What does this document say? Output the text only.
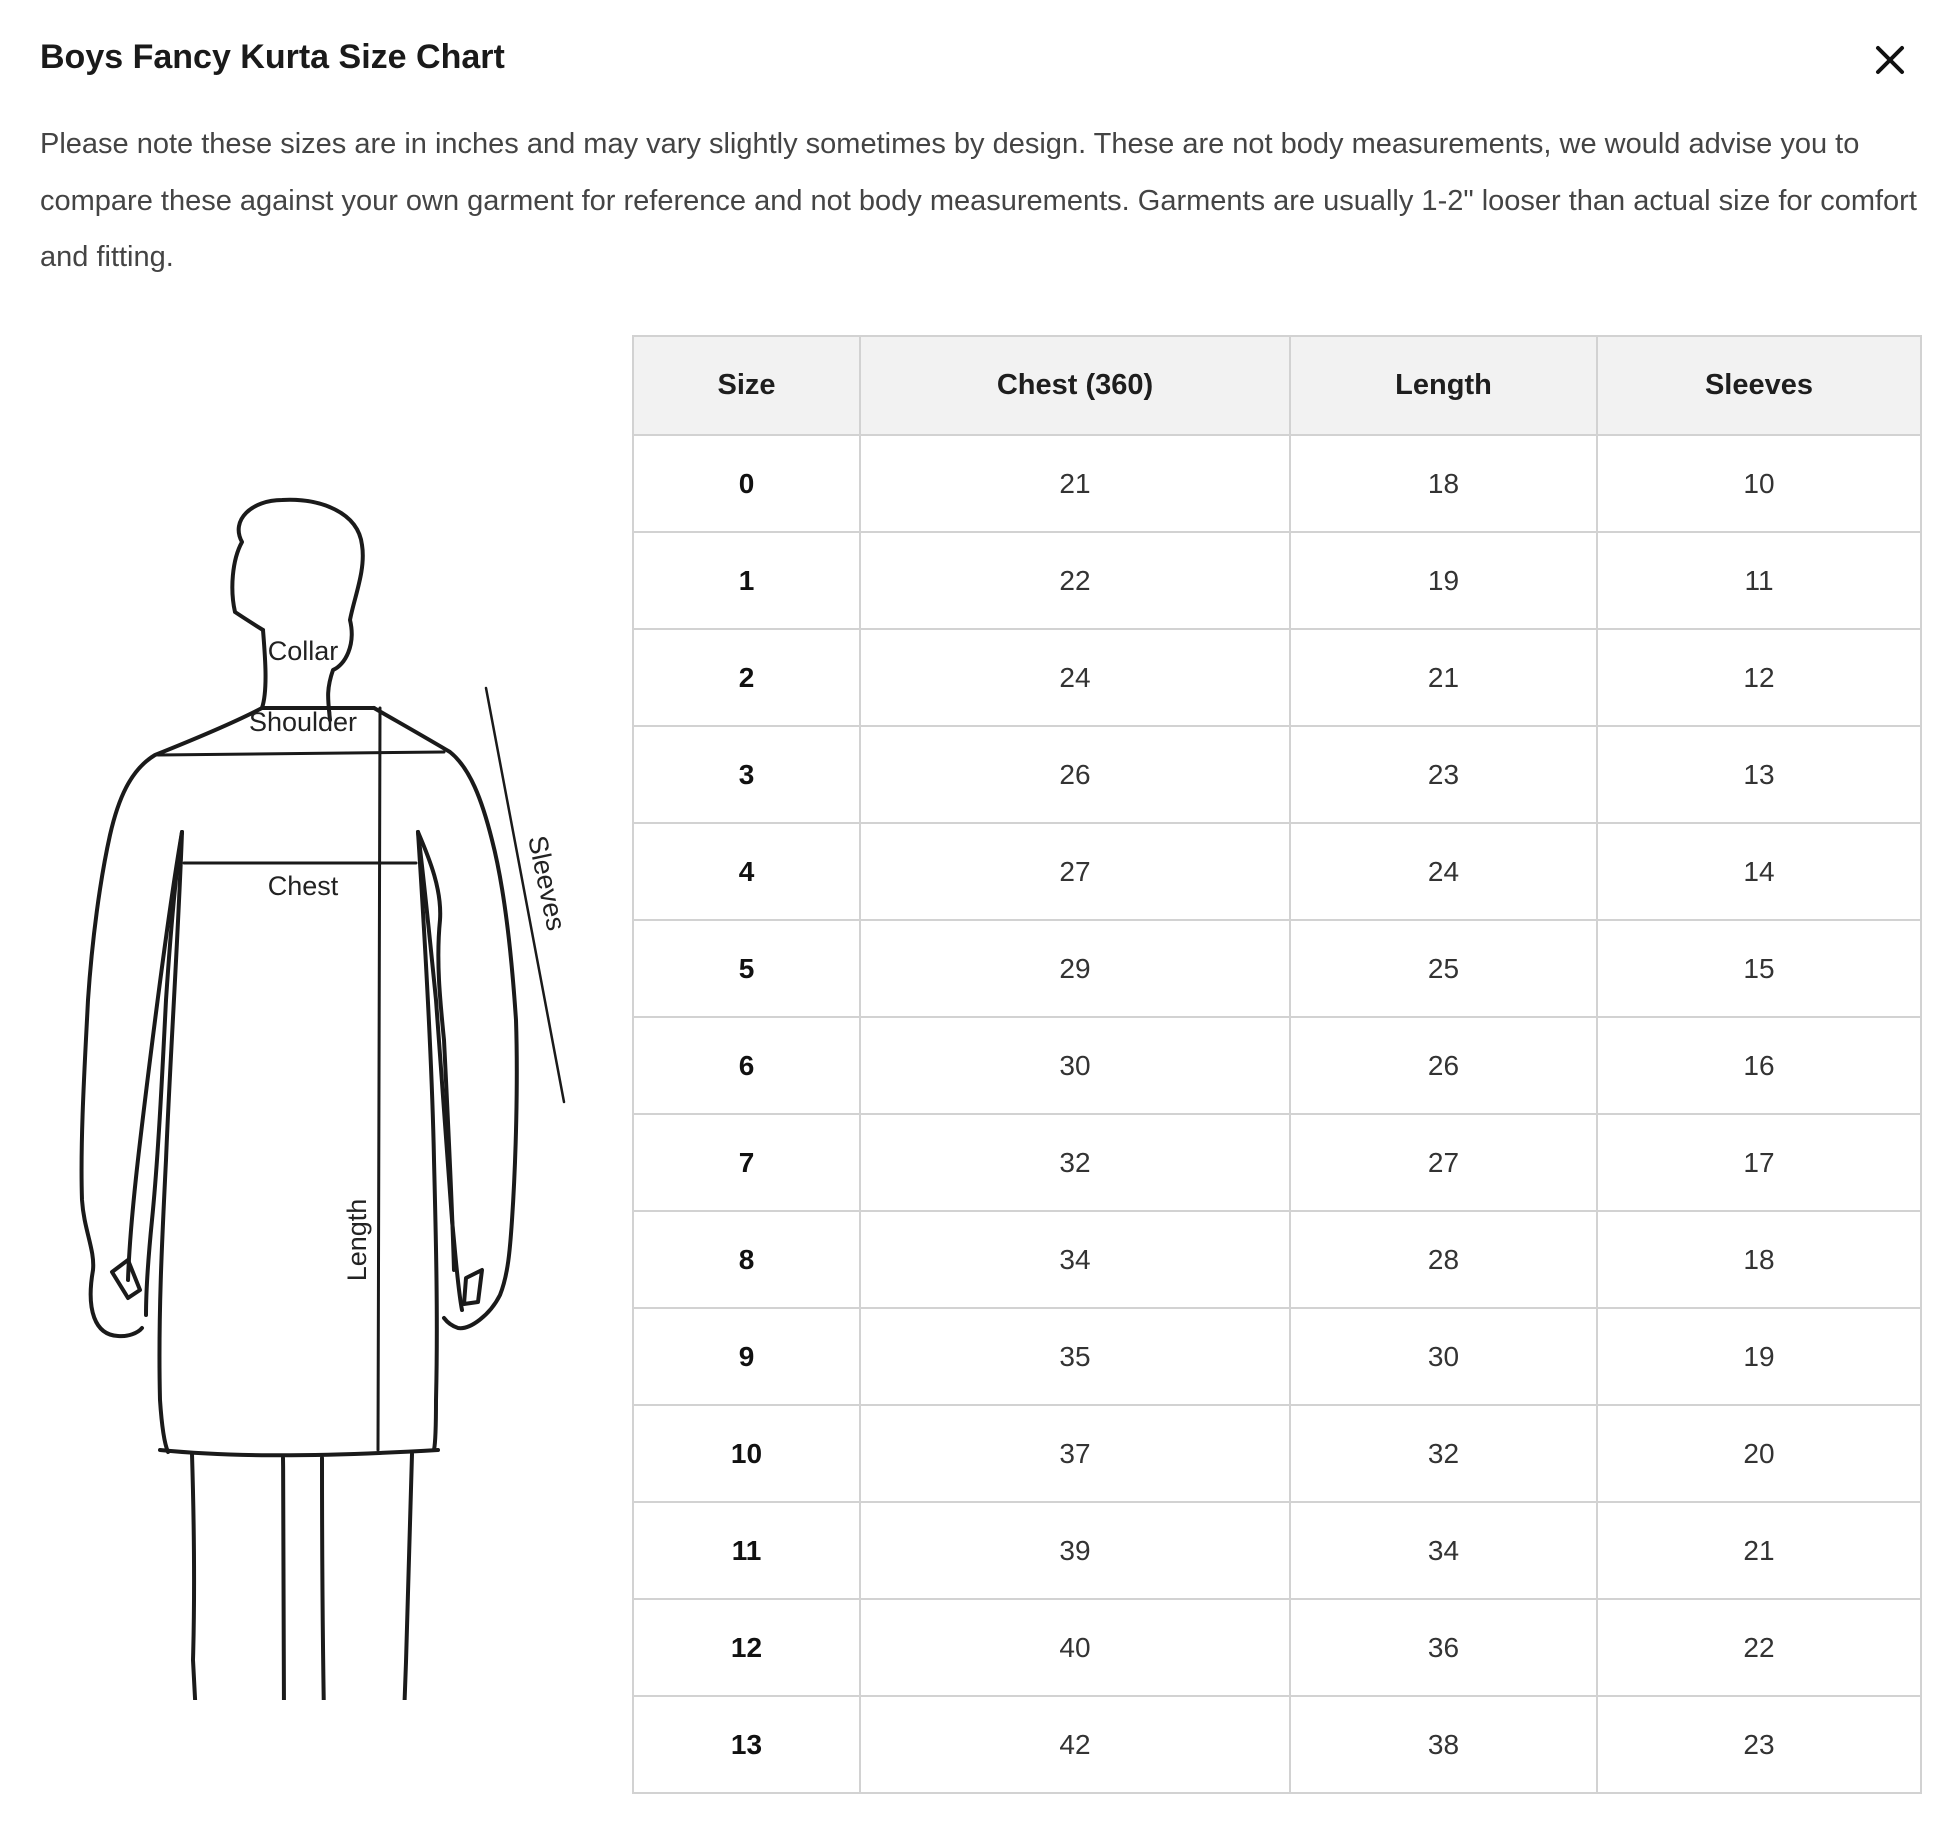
Boys Fancy Kurta Size Chart

Please note these sizes are in inches and may vary slightly sometimes by design. These are not body measurements, we would advise you to compare these against your own garment for reference and not body measurements. Garments are usually 1-2" looser than actual size for comfort and fitting.

Collar
Shoulder
Chest	Sleeves
Length
Size	Chest (360)	Length	Sleeves
0	21	18	10
1	22	19	11
2	24	21	12
3	26	23	13
4	27	24	14
5	29	25	15
6	30	26	16
7	32	27	17
8	34	28	18
9	35	30	19
10	37	32	20
11	39	34	21
12	40	36	22
13	42	38	23
